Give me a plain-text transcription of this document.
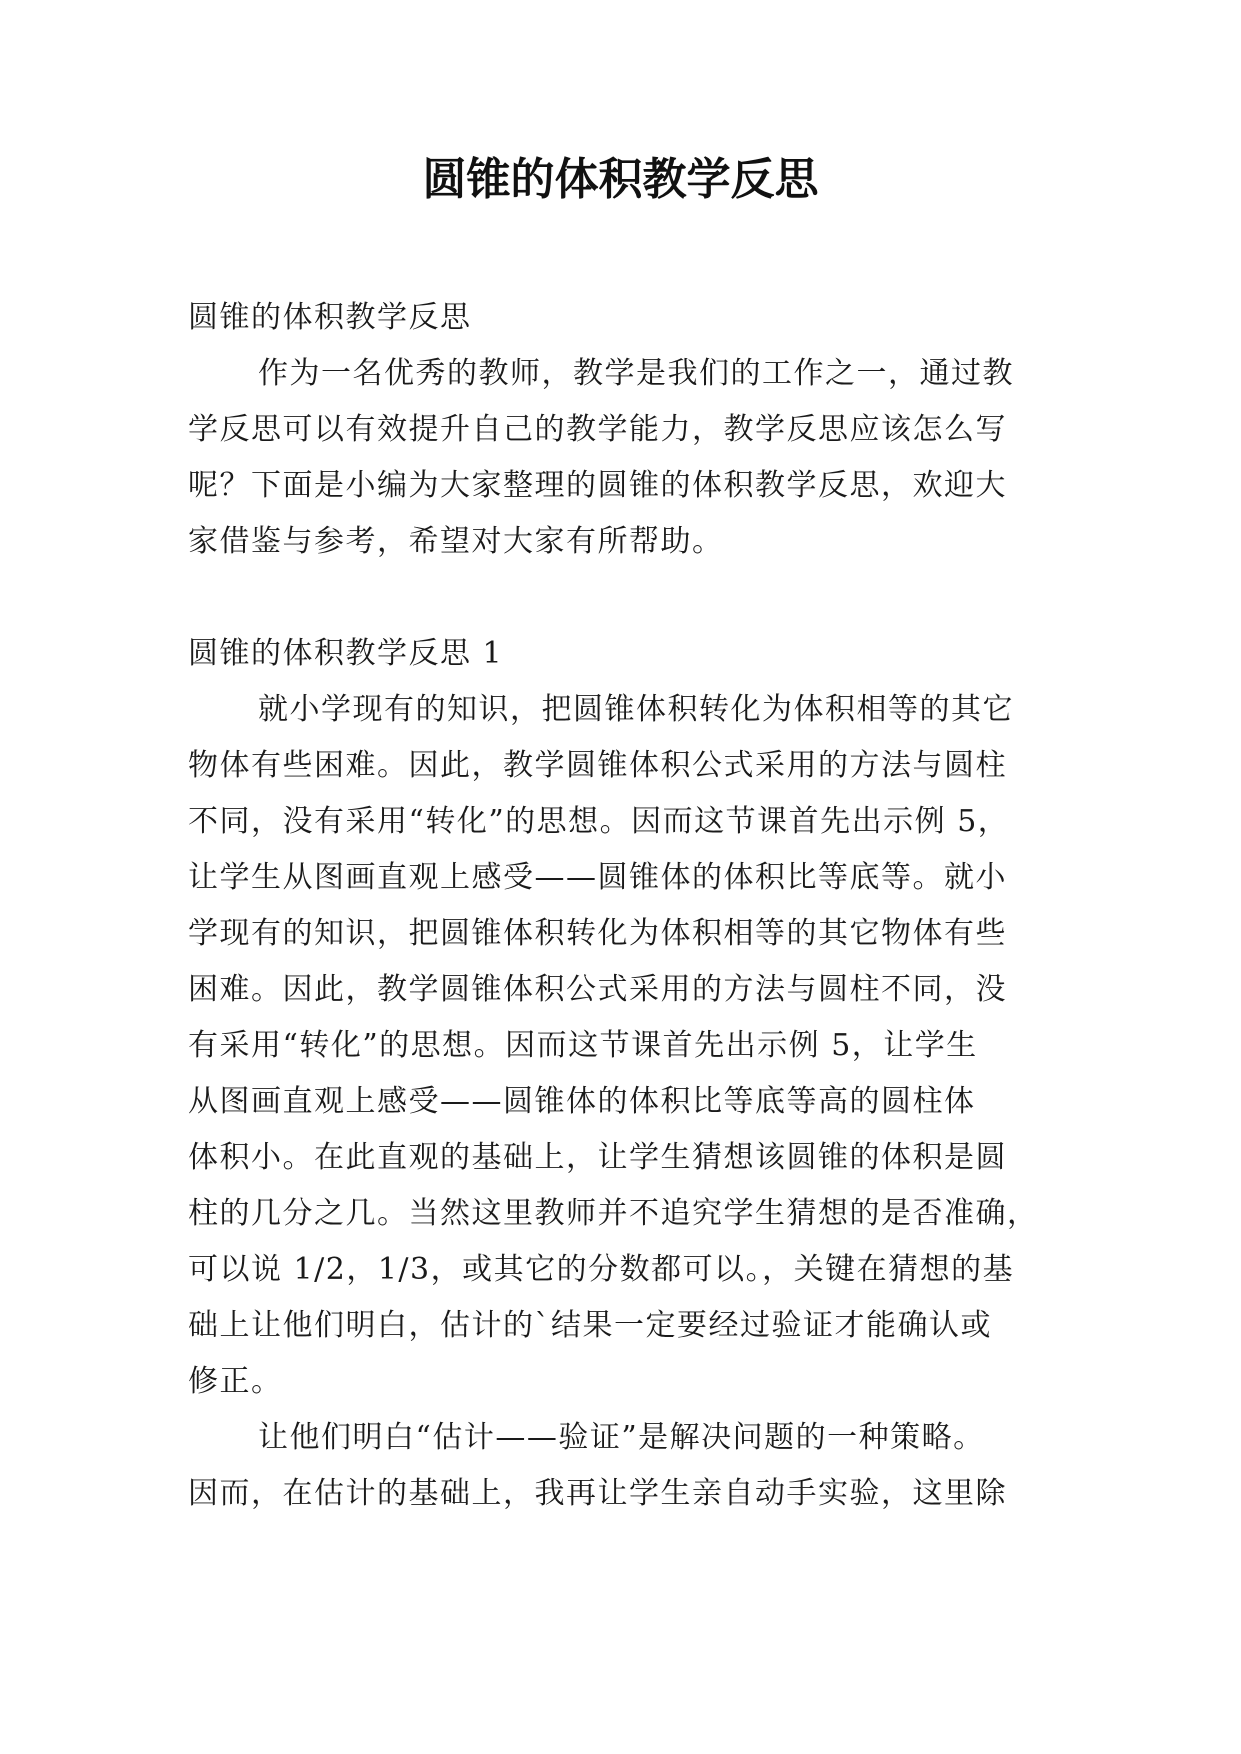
圆锥的体积教学反思
圆锥的体积教学反思
作为一名优秀的教师，教学是我们的工作之一，通过教
学反思可以有效提升自己的教学能力，教学反思应该怎么写
呢？下面是小编为大家整理的圆锥的体积教学反思，欢迎大
家借鉴与参考，希望对大家有所帮助。
圆锥的体积教学反思 1
就小学现有的知识，把圆锥体积转化为体积相等的其它
物体有些困难。因此，教学圆锥体积公式采用的方法与圆柱
不同，没有采用“转化”的思想。因而这节课首先出示例 5，
让学生从图画直观上感受——圆锥体的体积比等底等。就小
学现有的知识，把圆锥体积转化为体积相等的其它物体有些
困难。因此，教学圆锥体积公式采用的方法与圆柱不同，没
有采用“转化”的思想。因而这节课首先出示例 5，让学生
从图画直观上感受——圆锥体的体积比等底等高的圆柱体
体积小。在此直观的基础上，让学生猜想该圆锥的体积是圆
柱的几分之几。当然这里教师并不追究学生猜想的是否准确，
可以说 1/2，1/3，或其它的分数都可以。，关键在猜想的基
础上让他们明白，估计的`结果一定要经过验证才能确认或
修正。
让他们明白“估计——验证”是解决问题的一种策略。
因而，在估计的基础上，我再让学生亲自动手实验，这里除
